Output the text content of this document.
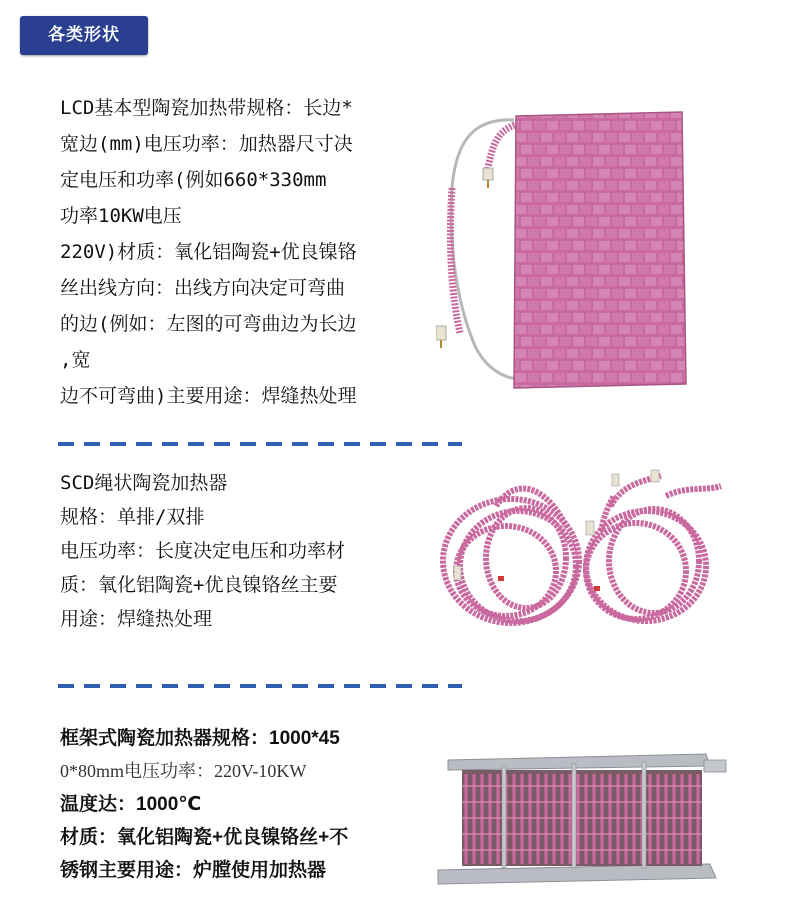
各类形状
LCD基本型陶瓷加热带规格：长边*
宽边(mm)电压功率：加热器尺寸决
定电压和功率(例如660*330mm
功率10KW电压
220V)材质：氧化铝陶瓷+优良镍铬
丝出线方向：出线方向决定可弯曲
的边(例如：左图的可弯曲边为长边
,宽
边不可弯曲)主要用途：焊缝热处理
SCD绳状陶瓷加热器
规格：单排/双排
电压功率：长度决定电压和功率材
质：氧化铝陶瓷+优良镍铬丝主要
用途：焊缝热处理
框架式陶瓷加热器规格：1000*45
0*80mm电压功率：220V-10KW
温度达：1000℃
材质：氧化铝陶瓷+优良镍铬丝+不
锈钢主要用途：炉膛使用加热器
